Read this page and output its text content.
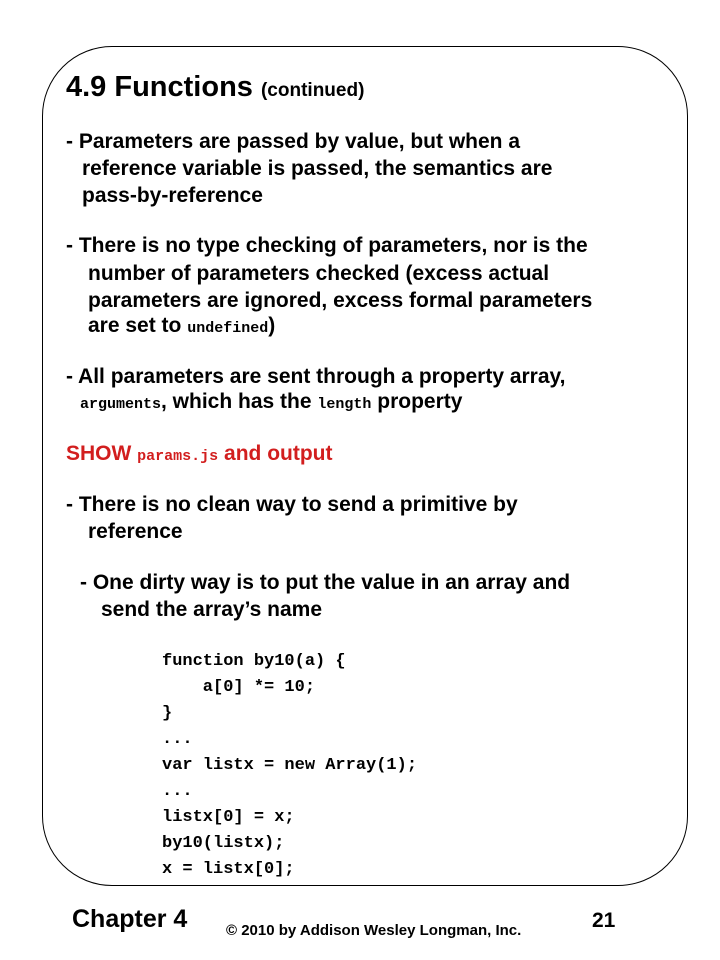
4.9 Functions (continued)
- Parameters are passed by value, but when a
reference variable is passed, the semantics are
pass-by-reference
- There is no type checking of parameters, nor is the
number of parameters checked (excess actual
parameters are ignored, excess formal parameters
are set to undefined)
- All parameters are sent through a property array,
arguments, which has the length property
SHOW params.js and output
- There is no clean way to send a primitive by
reference
- One dirty way is to put the value in an array and
send the array’s name
function by10(a) {
a[0] *= 10;
}
...
var listx = new Array(1);
...
listx[0] = x;
by10(listx);
x = listx[0];
Chapter 4	© 2010 by Addison Wesley Longman, Inc.	21
